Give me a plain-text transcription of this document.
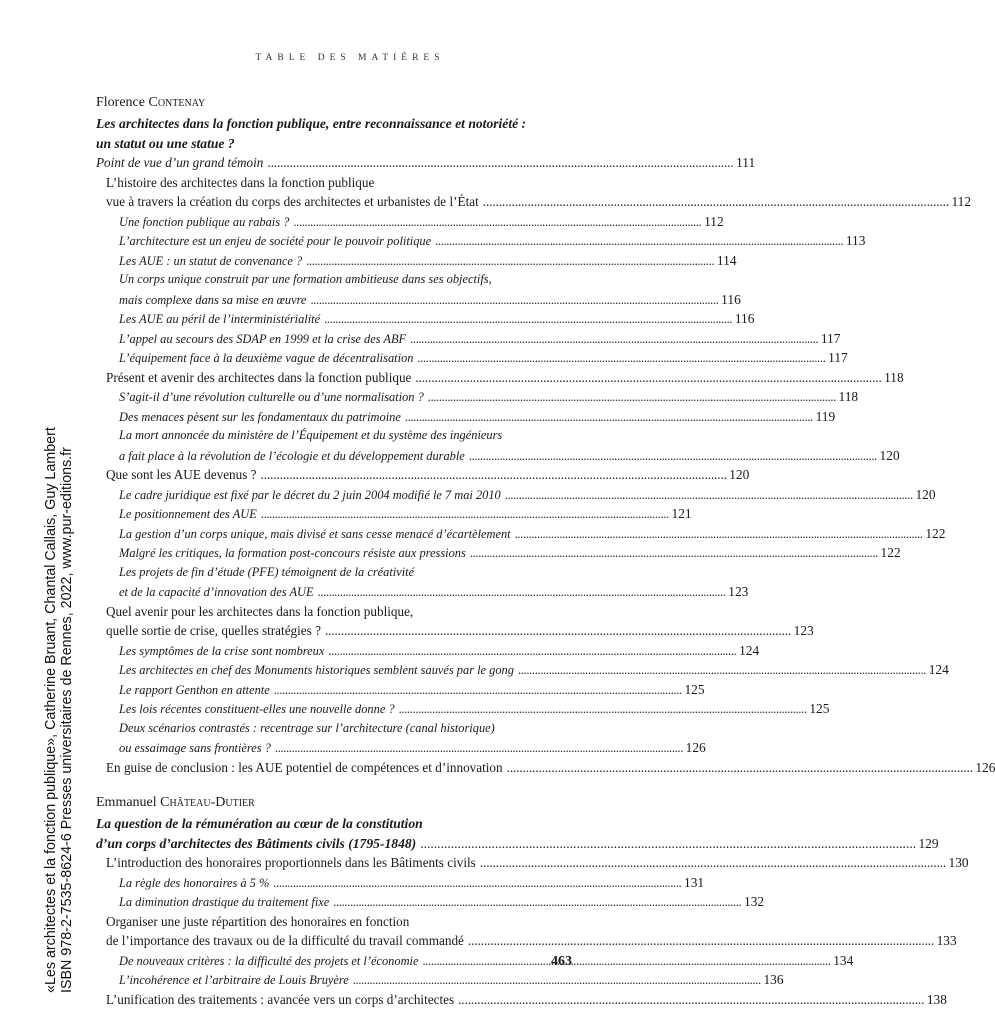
TABLE DES MATIÈRES
Florence Contenay
Les architectes dans la fonction publique, entre reconnaissance et notoriété :
un statut ou une statue ?
Point de vue d’un grand témoin . . .	111
L’histoire des architectes dans la fonction publique
vue à travers la création du corps des architectes et urbanistes de l’État . . .	112
Une fonction publique au rabais ? . . .	112
L’architecture est un enjeu de société pour le pouvoir politique . . .	113
Les AUE : un statut de convenance ? . . .	114
Un corps unique construit par une formation ambitieuse dans ses objectifs,
mais complexe dans sa mise en œuvre . . .	116
Les AUE au péril de l’interministérialité . . .	116
L’appel au secours des SDAP en 1999 et la crise des ABF . . .	117
L’équipement face à la deuxième vague de décentralisation . . .	117
Présent et avenir des architectes dans la fonction publique . . .	118
S’agit-il d’une révolution culturelle ou d’une normalisation ? . . .	118
Des menaces pèsent sur les fondamentaux du patrimoine . . .	119
La mort annoncée du ministère de l’Équipement et du système des ingénieurs
a fait place à la révolution de l’écologie et du développement durable . . .	120
Que sont les AUE devenus ? . . .	120
Le cadre juridique est fixé par le décret du 2 juin 2004 modifié le 7 mai 2010 . . .	120
Le positionnement des AUE . . .	121
La gestion d’un corps unique, mais divisé et sans cesse menacé d’écartèlement . . .	122
Malgré les critiques, la formation post-concours résiste aux pressions . . .	122
Les projets de fin d’étude (PFE) témoignent de la créativité
et de la capacité d’innovation des AUE . . .	123
Quel avenir pour les architectes dans la fonction publique,
quelle sortie de crise, quelles stratégies ? . . .	123
Les symptômes de la crise sont nombreux . . .	124
Les architectes en chef des Monuments historiques semblent sauvés par le gong . . .	124
Le rapport Genthon en attente . . .	125
Les lois récentes constituent-elles une nouvelle donne ? . . .	125
Deux scénarios contrastés : recentrage sur l’architecture (canal historique)
ou essaimage sans frontières ? . . .	126
En guise de conclusion : les AUE potentiel de compétences et d’innovation . . .	126
Emmanuel Château-Dutier
La question de la rémunération au cœur de la constitution
d’un corps d’architectes des Bâtiments civils (1795-1848) . . .	129
L’introduction des honoraires proportionnels dans les Bâtiments civils . . .	130
La règle des honoraires à 5 % . . .	131
La diminution drastique du traitement fixe . . .	132
Organiser une juste répartition des honoraires en fonction
de l’importance des travaux ou de la difficulté du travail commandé . . .	133
De nouveaux critères : la difficulté des projets et l’économie . . .	134
L’incohérence et l’arbitraire de Louis Bruyère . . .	136
L’unification des traitements : avancée vers un corps d’architectes . . .	138
463
«Les architectes et la fonction publique», Catherine Bruant, Chantal Callais, Guy Lambert ISBN 978-2-7535-8624-6 Presses universitaires de Rennes, 2022, www.pur-editions.fr
